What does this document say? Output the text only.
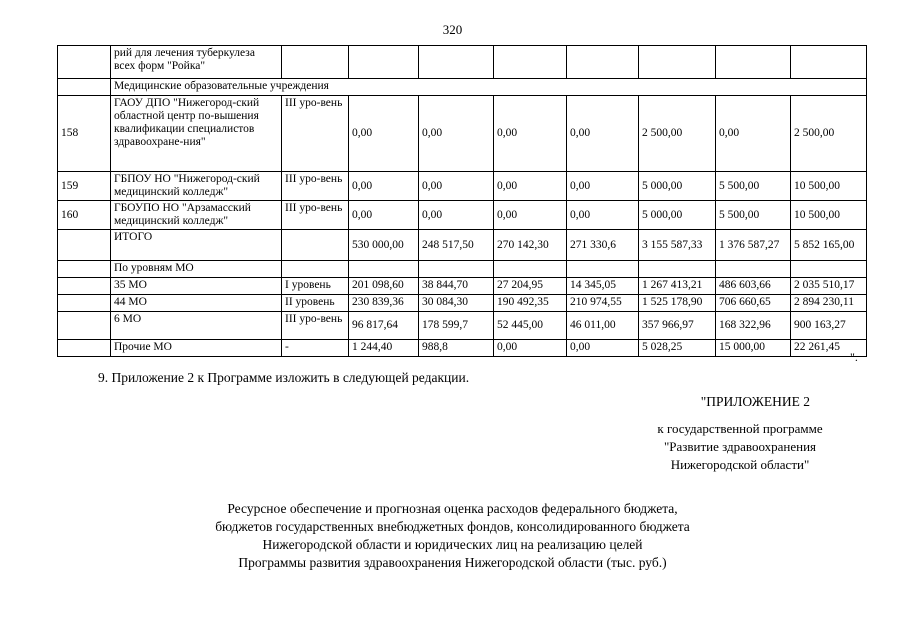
320
	рий для лечения туберкулеза всех форм "Ройка"								
	Медицинские образовательные учреждения								
158	ГАОУ ДПО "Нижегород-ский областной центр по-вышения квалификации специалистов здравоохране-ния"	III уро-вень	0,00	0,00	0,00	0,00	2 500,00	0,00	2 500,00
159	ГБПОУ НО "Нижегород-ский медицинский колледж"	III уро-вень	0,00	0,00	0,00	0,00	5 000,00	5 500,00	10 500,00
160	ГБОУПО НО "Арзамасский медицинский колледж"	III уро-вень	0,00	0,00	0,00	0,00	5 000,00	5 500,00	10 500,00
	ИТОГО		530 000,00	248 517,50	270 142,30	271 330,6	3 155 587,33	1 376 587,27	5 852 165,00
	По уровням МО								
	35 МО	I уровень	201 098,60	38 844,70	27 204,95	14 345,05	1 267 413,21	486 603,66	2 035 510,17
	44 МО	II уровень	230 839,36	30 084,30	190 492,35	210 974,55	1 525 178,90	706 660,65	2 894 230,11
	6 МО	III уро-вень	96 817,64	178 599,7	52 445,00	46 011,00	357 966,97	168 322,96	900 163,27
	Прочие МО	-	1 244,40	988,8	0,00	0,00	5 028,25	15 000,00	22 261,45
".
9. Приложение 2 к Программе изложить в следующей редакции.
"ПРИЛОЖЕНИЕ 2
к государственной программе
"Развитие здравоохранения
Нижегородской области"
Ресурсное обеспечение и прогнозная оценка расходов федерального бюджета,
бюджетов государственных внебюджетных фондов, консолидированного бюджета
Нижегородской области и юридических лиц на реализацию целей
Программы развития здравоохранения Нижегородской области (тыс. руб.)
